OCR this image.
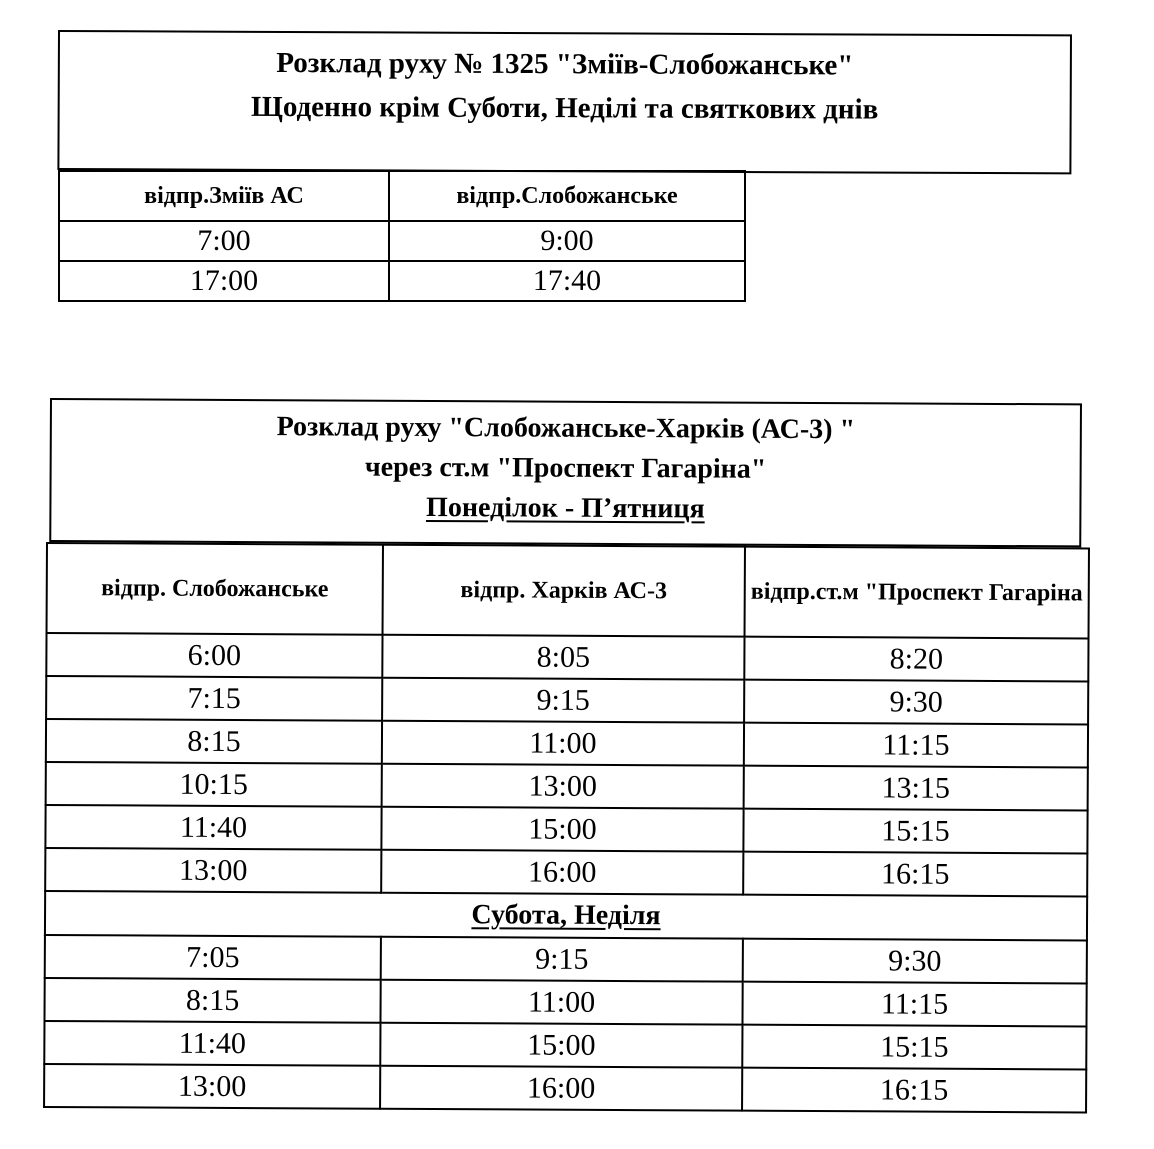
Розклад руху № 1325 "Зміїв-Слобожанське"
Щоденно крім Суботи, Неділі та святкових днів
відпр.Зміїв АС	відпр.Слобожанське
7:00	9:00
17:00	17:40
Розклад руху "Слобожанське-Харків (АС-3) "
через ст.м "Проспект Гагаріна"
Понеділок - П’ятниця
відпр. Слобожанське	відпр. Харків АС-3	відпр.ст.м "Проспект Гагаріна
6:00	8:05	8:20
7:15	9:15	9:30
8:15	11:00	11:15
10:15	13:00	13:15
11:40	15:00	15:15
13:00	16:00	16:15
Субота, Неділя		
7:05	9:15	9:30
8:15	11:00	11:15
11:40	15:00	15:15
13:00	16:00	16:15
